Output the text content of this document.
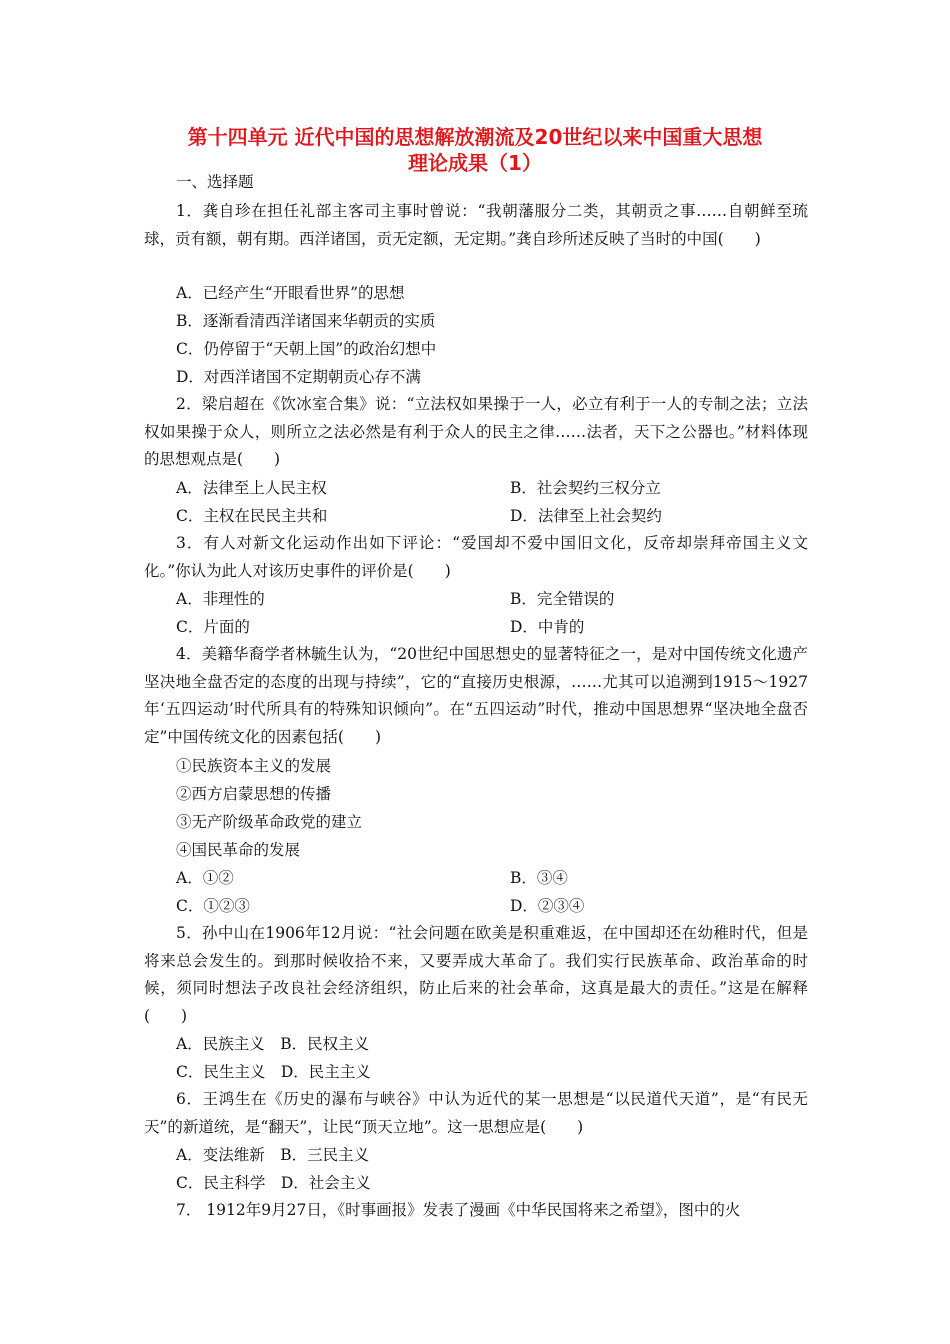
第十四单元 近代中国的思想解放潮流及20世纪以来中国重大思想
理论成果（1）
一、选择题
1．龚自珍在担任礼部主客司主事时曾说：“我朝藩服分二类，其朝贡之事……自朝鲜至琉球，贡有额，朝有期。西洋诸国，贡无定额，无定期。”龚自珍所述反映了当时的中国(　　)
A．已经产生“开眼看世界”的思想
B．逐渐看清西洋诸国来华朝贡的实质
C．仍停留于“天朝上国”的政治幻想中
D．对西洋诸国不定期朝贡心存不满
2．梁启超在《饮冰室合集》说：“立法权如果操于一人，必立有利于一人的专制之法；立法权如果操于众人，则所立之法必然是有利于众人的民主之律……法者，天下之公器也。”材料体现的思想观点是(　　)
A．法律至上人民主权	B．社会契约三权分立
C．主权在民民主共和	D．法律至上社会契约
3．有人对新文化运动作出如下评论：“爱国却不爱中国旧文化，反帝却崇拜帝国主义文化。”你认为此人对该历史事件的评价是(　　)
A．非理性的	B．完全错误的
C．片面的	D．中肯的
4．美籍华裔学者林毓生认为，“20世纪中国思想史的显著特征之一，是对中国传统文化遗产坚决地全盘否定的态度的出现与持续”，它的“直接历史根源，……尤其可以追溯到1915～1927年‘五四运动’时代所具有的特殊知识倾向”。在“五四运动”时代，推动中国思想界“坚决地全盘否定”中国传统文化的因素包括(　　)
①民族资本主义的发展
②西方启蒙思想的传播
③无产阶级革命政党的建立
④国民革命的发展
A．①②	B．③④
C．①②③	D．②③④
5．孙中山在1906年12月说：“社会问题在欧美是积重难返，在中国却还在幼稚时代，但是将来总会发生的。到那时候收拾不来，又要弄成大革命了。我们实行民族革命、政治革命的时候，须同时想法子改良社会经济组织，防止后来的社会革命，这真是最大的责任。”这是在解释(　　)
A．民族主义　B．民权主义
C．民生主义　D．民主主义
6．王鸿生在《历史的瀑布与峡谷》中认为近代的某一思想是“以民道代天道”，是“有民无天”的新道统，是“翻天”，让民“顶天立地”。这一思想应是(　　)
A．变法维新　B．三民主义
C．民主科学　D．社会主义
7． 1912年9月27日，《时事画报》发表了漫画《中华民国将来之希望》，图中的火
